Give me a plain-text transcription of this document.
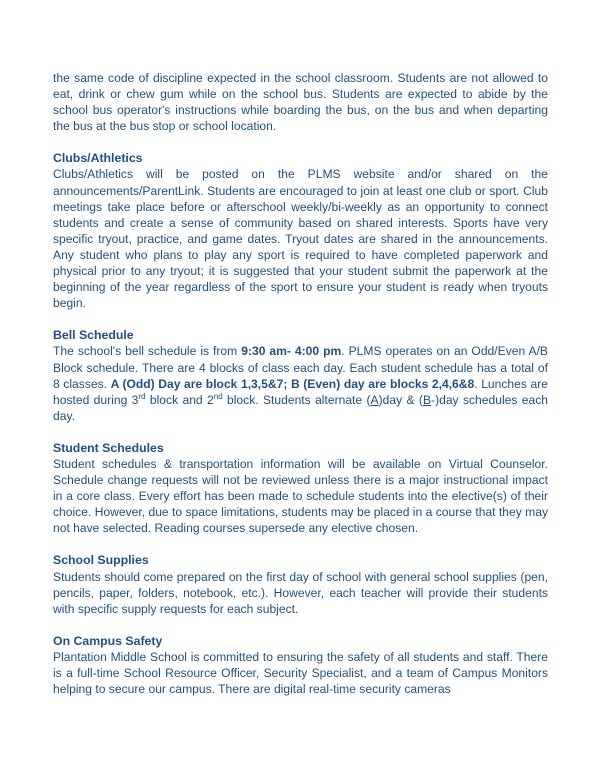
the same code of discipline expected in the school classroom. Students are not allowed to eat, drink or chew gum while on the school bus. Students are expected to abide by the school bus operator's instructions while boarding the bus, on the bus and when departing the bus at the bus stop or school location.

Clubs/Athletics

Clubs/Athletics will be posted on the PLMS website and/or shared on the announcements/ParentLink. Students are encouraged to join at least one club or sport. Club meetings take place before or afterschool weekly/bi-weekly as an opportunity to connect students and create a sense of community based on shared interests. Sports have very specific tryout, practice, and game dates. Tryout dates are shared in the announcements. Any student who plans to play any sport is required to have completed paperwork and physical prior to any tryout; it is suggested that your student submit the paperwork at the beginning of the year regardless of the sport to ensure your student is ready when tryouts begin.

Bell Schedule

The school's bell schedule is from 9:30 am- 4:00 pm. PLMS operates on an Odd/Even A/B Block schedule. There are 4 blocks of class each day. Each student schedule has a total of 8 classes. A (Odd) Day are block 1,3,5&7; B (Even) day are blocks 2,4,6&8. Lunches are hosted during 3rd block and 2nd block. Students alternate (A)day & (B-)day schedules each day.

Student Schedules

Student schedules & transportation information will be available on Virtual Counselor. Schedule change requests will not be reviewed unless there is a major instructional impact in a core class. Every effort has been made to schedule students into the elective(s) of their choice. However, due to space limitations, students may be placed in a course that they may not have selected. Reading courses supersede any elective chosen.

School Supplies

Students should come prepared on the first day of school with general school supplies (pen, pencils, paper, folders, notebook, etc.). However, each teacher will provide their students with specific supply requests for each subject.

On Campus Safety

Plantation Middle School is committed to ensuring the safety of all students and staff. There is a full-time School Resource Officer, Security Specialist, and a team of Campus Monitors helping to secure our campus. There are digital real-time security cameras
